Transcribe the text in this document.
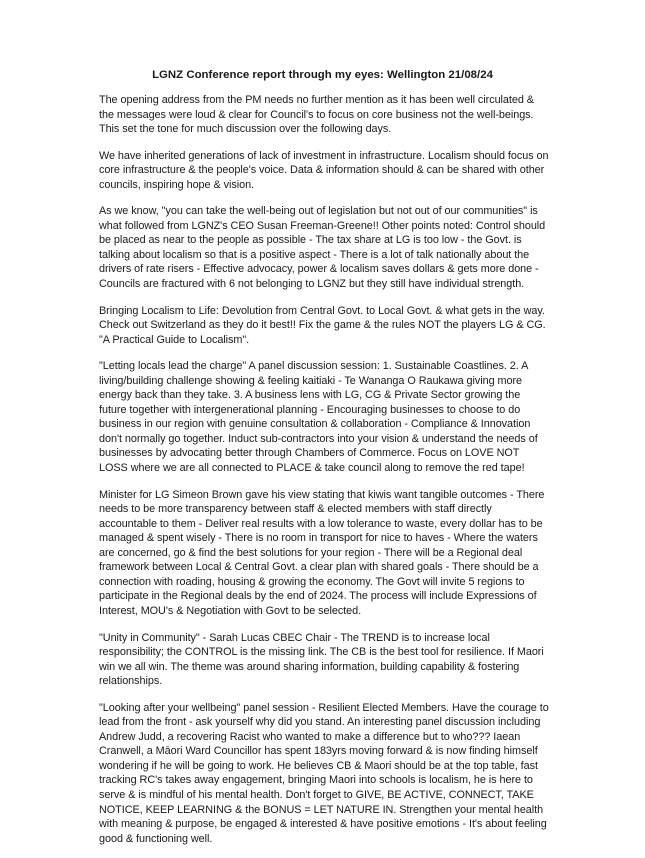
LGNZ Conference report through my eyes: Wellington 21/08/24

The opening address from the PM needs no further mention as it has been well circulated & the messages were loud & clear for Council's to focus on core business not the well-beings. This set the tone for much discussion over the following days.

We have inherited generations of lack of investment in infrastructure. Localism should focus on core infrastructure & the people's voice. Data & information should & can be shared with other councils, inspiring hope & vision.

As we know, "you can take the well-being out of legislation but not out of our communities" is what followed from LGNZ's CEO Susan Freeman-Greene!! Other points noted: Control should be placed as near to the people as possible - The tax share at LG is too low - the Govt. is talking about localism so that is a positive aspect - There is a lot of talk nationally about the drivers of rate risers - Effective advocacy, power & localism saves dollars & gets more done - Councils are fractured with 6 not belonging to LGNZ but they still have individual strength.

Bringing Localism to Life: Devolution from Central Govt. to Local Govt. & what gets in the way. Check out Switzerland as they do it best!! Fix the game & the rules NOT the players LG & CG. "A Practical Guide to Localism".

"Letting locals lead the charge" A panel discussion session: 1. Sustainable Coastlines. 2. A living/building challenge showing & feeling kaitiaki - Te Wananga O Raukawa giving more energy back than they take. 3. A business lens with LG, CG & Private Sector growing the future together with intergenerational planning - Encouraging businesses to choose to do business in our region with genuine consultation & collaboration - Compliance & Innovation don't normally go together. Induct sub-contractors into your vision & understand the needs of businesses by advocating better through Chambers of Commerce. Focus on LOVE NOT LOSS where we are all connected to PLACE & take council along to remove the red tape!

Minister for LG Simeon Brown gave his view stating that kiwis want tangible outcomes - There needs to be more transparency between staff & elected members with staff directly accountable to them - Deliver real results with a low tolerance to waste, every dollar has to be managed & spent wisely - There is no room in transport for nice to haves - Where the waters are concerned, go & find the best solutions for your region - There will be a Regional deal framework between Local & Central Govt. a clear plan with shared goals - There should be a connection with roading, housing & growing the economy. The Govt will invite 5 regions to participate in the Regional deals by the end of 2024. The process will include Expressions of Interest, MOU's & Negotiation with Govt to be selected.

"Unity in Community" - Sarah Lucas CBEC Chair - The TREND is to increase local responsibility; the CONTROL is the missing link. The CB is the best tool for resilience. If Maori win we all win. The theme was around sharing information, building capability & fostering relationships.

"Looking after your wellbeing" panel session - Resilient Elected Members. Have the courage to lead from the front - ask yourself why did you stand. An interesting panel discussion including Andrew Judd, a recovering Racist who wanted to make a difference but to who??? Iaean Cranwell, a Māori Ward Councillor has spent 183yrs moving forward & is now finding himself wondering if he will be going to work. He believes CB & Maori should be at the top table, fast tracking RC's takes away engagement, bringing Maori into schools is localism, he is here to serve & is mindful of his mental health. Don't forget to GIVE, BE ACTIVE, CONNECT, TAKE NOTICE, KEEP LEARNING & the BONUS = LET NATURE IN. Strengthen your mental health with meaning & purpose, be engaged & interested & have positive emotions - It's about feeling good & functioning well.
